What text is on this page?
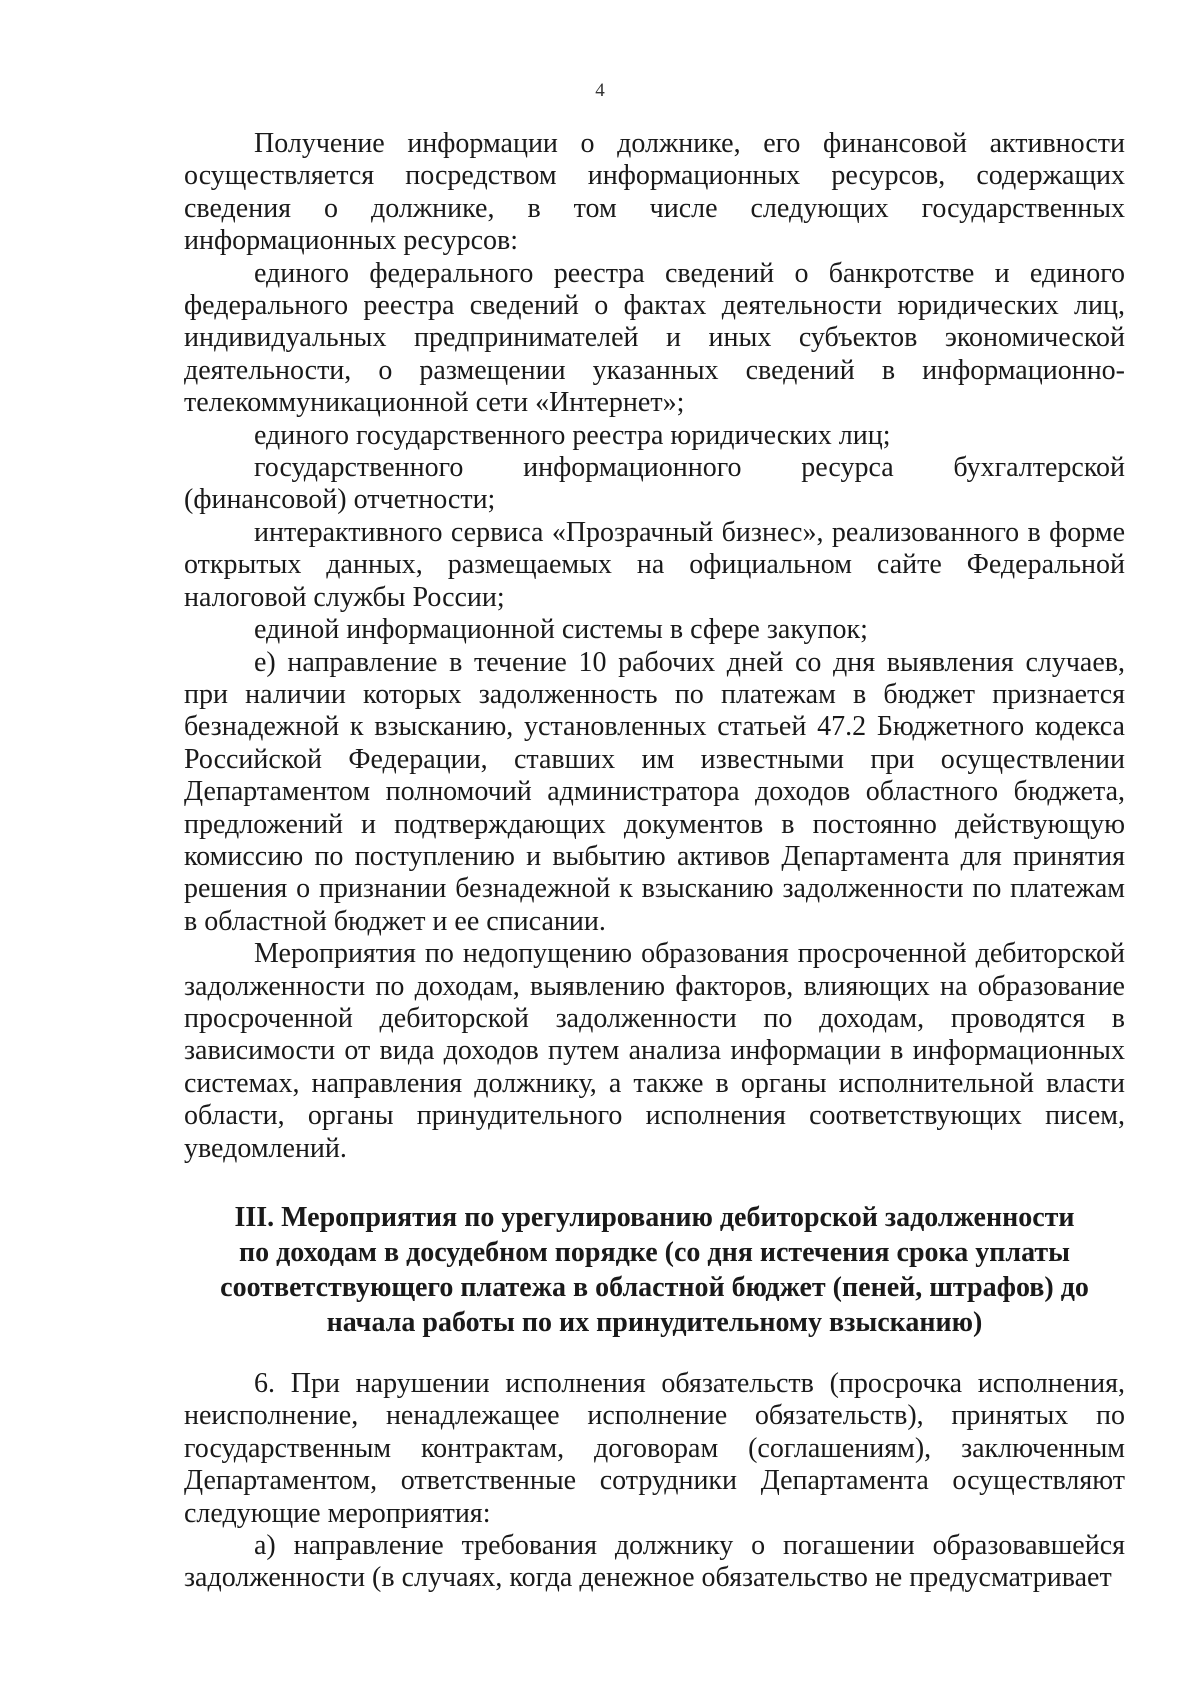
4

Получение информации о должнике, его финансовой активности осуществляется посредством информационных ресурсов, содержащих сведения о должнике, в том числе следующих государственных информационных ресурсов:

единого федерального реестра сведений о банкротстве и единого федерального реестра сведений о фактах деятельности юридических лиц, индивидуальных предпринимателей и иных субъектов экономической деятельности, о размещении указанных сведений в информационно-телекоммуникационной сети «Интернет»;

единого государственного реестра юридических лиц;

государственного информационного ресурса бухгалтерской (финансовой) отчетности;

интерактивного сервиса «Прозрачный бизнес», реализованного в форме открытых данных, размещаемых на официальном сайте Федеральной налоговой службы России;

единой информационной системы в сфере закупок;

е) направление в течение 10 рабочих дней со дня выявления случаев, при наличии которых задолженность по платежам в бюджет признается безнадежной к взысканию, установленных статьей 47.2 Бюджетного кодекса Российской Федерации, ставших им известными при осуществлении Департаментом полномочий администратора доходов областного бюджета, предложений и подтверждающих документов в постоянно действующую комиссию по поступлению и выбытию активов Департамента для принятия решения о признании безнадежной к взысканию задолженности по платежам в областной бюджет и ее списании.

Мероприятия по недопущению образования просроченной дебиторской задолженности по доходам, выявлению факторов, влияющих на образование просроченной дебиторской задолженности по доходам, проводятся в зависимости от вида доходов путем анализа информации в информационных системах, направления должнику, а также в органы исполнительной власти области, органы принудительного исполнения соответствующих писем, уведомлений.

III. Мероприятия по урегулированию дебиторской задолженности
по доходам в досудебном порядке (со дня истечения срока уплаты
соответствующего платежа в областной бюджет (пеней, штрафов) до
начала работы по их принудительному взысканию)

6. При нарушении исполнения обязательств (просрочка исполнения, неисполнение, ненадлежащее исполнение обязательств), принятых по государственным контрактам, договорам (соглашениям), заключенным Департаментом, ответственные сотрудники Департамента осуществляют следующие мероприятия:

а) направление требования должнику о погашении образовавшейся задолженности (в случаях, когда денежное обязательство не предусматривает
